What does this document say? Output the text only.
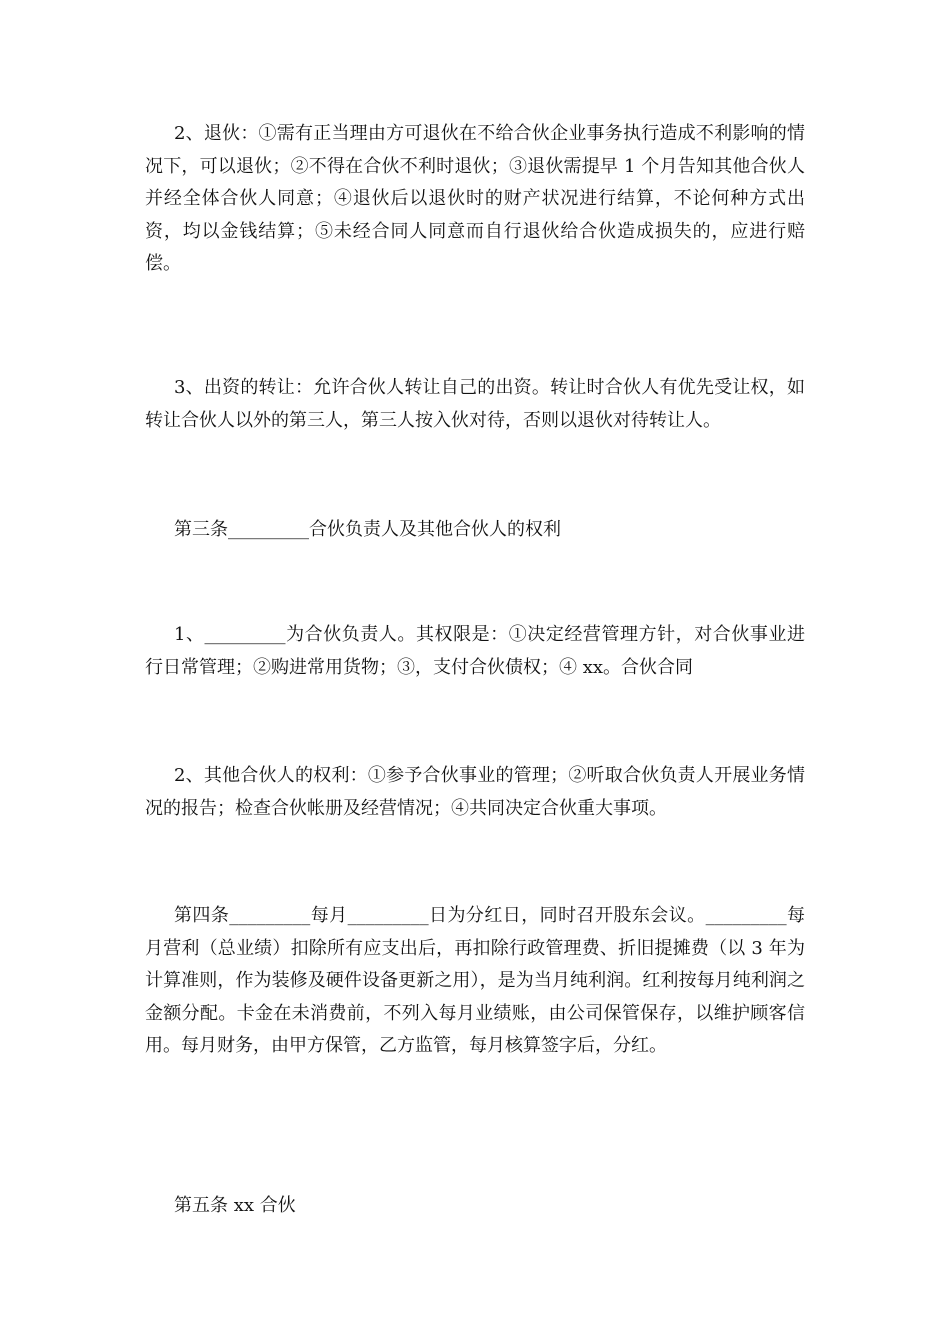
2、退伙：①需有正当理由方可退伙在不给合伙企业事务执行造成不利影响的情况下，可以退伙；②不得在合伙不利时退伙；③退伙需提早 1 个月告知其他合伙人并经全体合伙人同意；④退伙后以退伙时的财产状况进行结算，不论何种方式出资，均以金钱结算；⑤未经合同人同意而自行退伙给合伙造成损失的，应进行赔偿。

3、出资的转让：允许合伙人转让自己的出资。转让时合伙人有优先受让权，如转让合伙人以外的第三人，第三人按入伙对待，否则以退伙对待转让人。

第三条_________合伙负责人及其他合伙人的权利

1、_________为合伙负责人。其权限是：①决定经营管理方针，对合伙事业进行日常管理；②购进常用货物；③，支付合伙债权；④ xx。合伙合同

2、其他合伙人的权利：①参予合伙事业的管理；②听取合伙负责人开展业务情况的报告；检查合伙帐册及经营情况；④共同决定合伙重大事项。

第四条_________每月_________日为分红日，同时召开股东会议。_________每月营利（总业绩）扣除所有应支出后，再扣除行政管理费、折旧提摊费（以 3 年为计算准则，作为装修及硬件设备更新之用），是为当月纯利润。红利按每月纯利润之金额分配。卡金在未消费前，不列入每月业绩账，由公司保管保存，以维护顾客信用。每月财务，由甲方保管，乙方监管，每月核算签字后，分红。

第五条 xx 合伙
